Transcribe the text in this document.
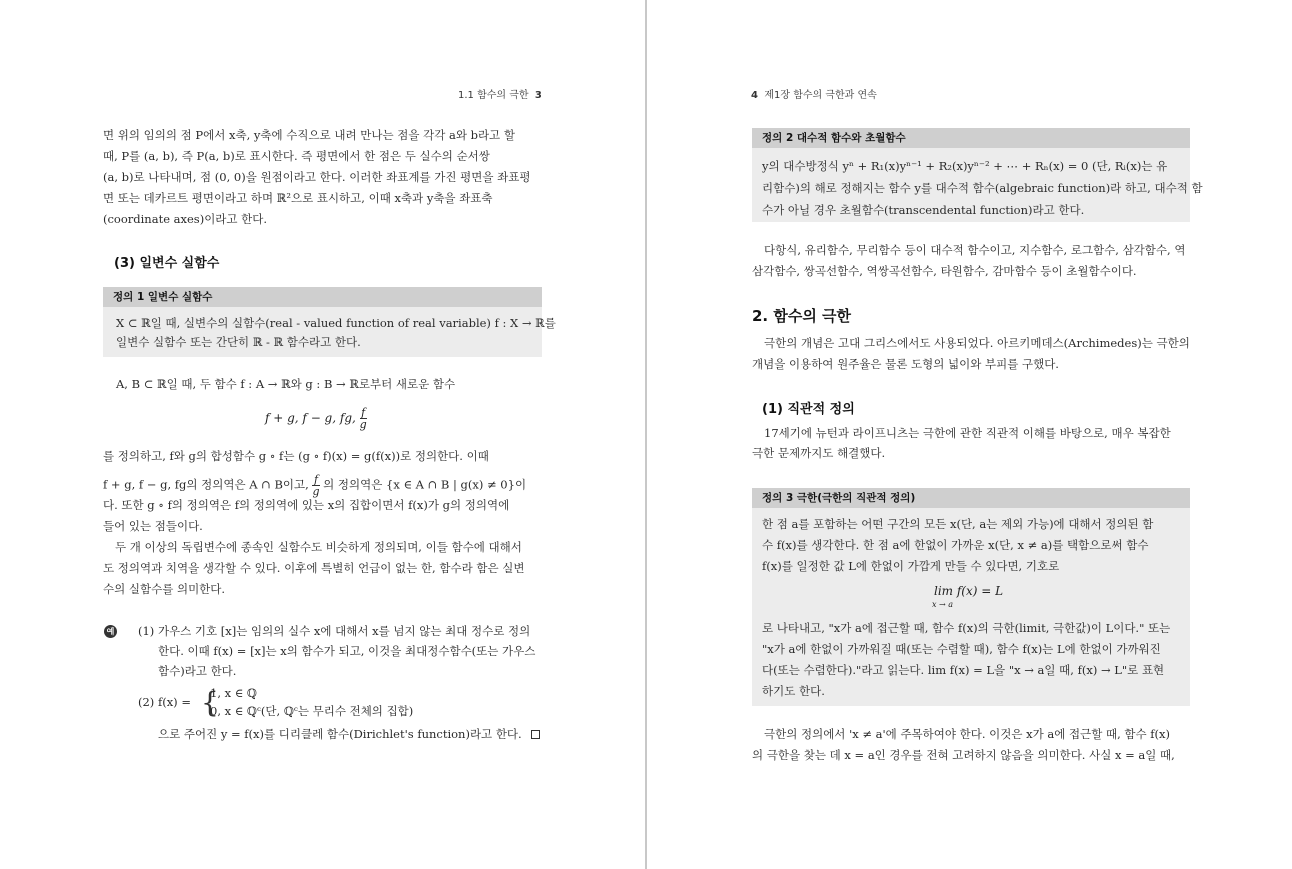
1.1 함수의 극한 3
면 위의 임의의 점 P에서 x축, y축에 수직으로 내려 만나는 점을 각각 a와 b라고 할
때, P를 (a, b), 즉 P(a, b)로 표시한다. 즉 평면에서 한 점은 두 실수의 순서쌍
(a, b)로 나타내며, 점 (0, 0)을 원점이라고 한다. 이러한 좌표계를 가진 평면을 좌표평
면 또는 데카르트 평면이라고 하며 ℝ²으로 표시하고, 이때 x축과 y축을 좌표축
(coordinate axes)이라고 한다.
(3) 일변수 실함수
정의 1 일변수 실함수
X ⊂ ℝ일 때, 실변수의 실함수(real - valued function of real variable) f : X → ℝ를
일변수 실함수 또는 간단히 ℝ - ℝ 함수라고 한다.
A, B ⊂ ℝ일 때, 두 함수 f : A → ℝ와 g : B → ℝ로부터 새로운 함수
f + g, f − g, fg, $\frac{f}{g}$
를 정의하고, f와 g의 합성함수 g ∘ f는 (g ∘ f)(x) = g(f(x))로 정의한다. 이때
f + g, f − g, fg의 정의역은 A ∩ B이고, $\frac{f}{g}$ 의 정의역은 {x ∈ A ∩ B | g(x) ≠ 0}이
다. 또한 g ∘ f의 정의역은 f의 정의역에 있는 x의 집합이면서 f(x)가 g의 정의역에
들어 있는 점들이다.
두 개 이상의 독립변수에 종속인 실함수도 비슷하게 정의되며, 이들 함수에 대해서
도 정의역과 치역을 생각할 수 있다. 이후에 특별히 언급이 없는 한, 함수라 함은 실변
수의 실함수를 의미한다.
예 (1) 가우스 기호 [x]는 임의의 실수 x에 대해서 x를 넘지 않는 최대 정수로 정의
한다. 이때 f(x) = [x]는 x의 함수가 되고, 이것을 최대정수함수(또는 가우스
함수)라고 한다.
(2) f(x) = {
1, x ∈ ℚ
0, x ∈ ℚᶜ(단, ℚᶜ는 무리수 전체의 집합)
으로 주어진 y = f(x)를 디리클레 함수(Dirichlet's function)라고 한다.
4 제1장 함수의 극한과 연속
정의 2 대수적 함수와 초월함수
y의 대수방정식 yⁿ + R₁(x)yⁿ⁻¹ + R₂(x)yⁿ⁻² + ⋯ + Rₙ(x) = 0 (단, Rᵢ(x)는 유
리함수)의 해로 정해지는 함수 y를 대수적 함수(algebraic function)라 하고, 대수적 함
수가 아닐 경우 초월함수(transcendental function)라고 한다.
다항식, 유리함수, 무리함수 등이 대수적 함수이고, 지수함수, 로그함수, 삼각함수, 역
삼각함수, 쌍곡선함수, 역쌍곡선함수, 타원함수, 감마함수 등이 초월함수이다.
2. 함수의 극한
극한의 개념은 고대 그리스에서도 사용되었다. 아르키메데스(Archimedes)는 극한의
개념을 이용하여 원주율은 물론 도형의 넓이와 부피를 구했다.
(1) 직관적 정의
17세기에 뉴턴과 라이프니츠는 극한에 관한 직관적 이해를 바탕으로, 매우 복잡한
극한 문제까지도 해결했다.
정의 3 극한(극한의 직관적 정의)
한 점 a를 포함하는 어떤 구간의 모든 x(단, a는 제외 가능)에 대해서 정의된 함
수 f(x)를 생각한다. 한 점 a에 한없이 가까운 x(단, x ≠ a)를 택함으로써 함수
f(x)를 일정한 값 L에 한없이 가깝게 만들 수 있다면, 기호로
lim f(x) = L
x → a
로 나타내고, "x가 a에 접근할 때, 함수 f(x)의 극한(limit, 극한값)이 L이다." 또는
"x가 a에 한없이 가까워질 때(또는 수렴할 때), 함수 f(x)는 L에 한없이 가까워진
다(또는 수렴한다)."라고 읽는다. lim f(x) = L을 "x → a일 때, f(x) → L"로 표현
하기도 한다.
극한의 정의에서 'x ≠ a'에 주목하여야 한다. 이것은 x가 a에 접근할 때, 함수 f(x)
의 극한을 찾는 데 x = a인 경우를 전혀 고려하지 않음을 의미한다. 사실 x = a일 때,
